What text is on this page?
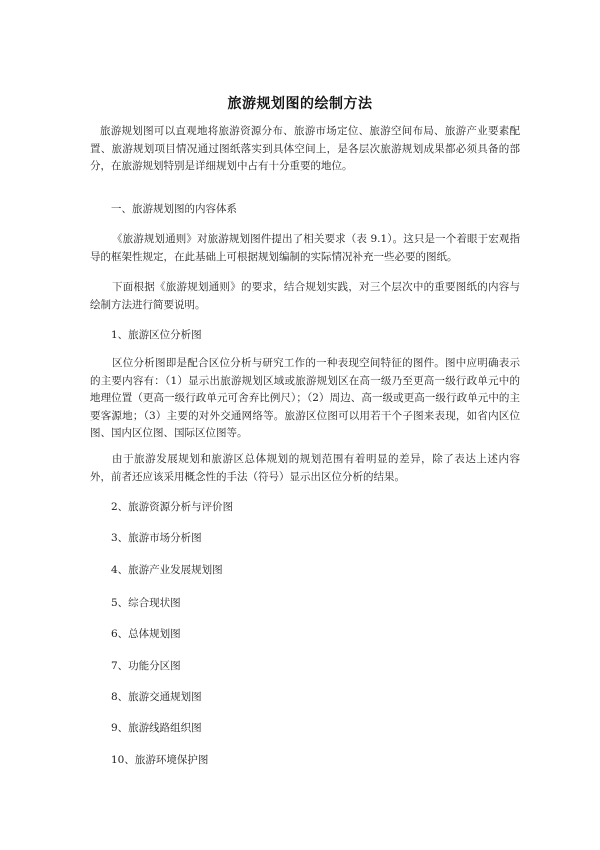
旅游规划图的绘制方法

旅游规划图可以直观地将旅游资源分布、旅游市场定位、旅游空间布局、旅游产业要素配置、旅游规划项目情况通过图纸落实到具体空间上，是各层次旅游规划成果都必须具备的部分，在旅游规划特别是详细规划中占有十分重要的地位。

一、旅游规划图的内容体系

《旅游规划通则》对旅游规划图件提出了相关要求（表 9.1）。这只是一个着眼于宏观指导的框架性规定，在此基础上可根据规划编制的实际情况补充一些必要的图纸。

下面根据《旅游规划通则》的要求，结合规划实践，对三个层次中的重要图纸的内容与绘制方法进行简要说明。

1、旅游区位分析图

区位分析图即是配合区位分析与研究工作的一种表现空间特征的图件。图中应明确表示的主要内容有：（1）显示出旅游规划区域或旅游规划区在高一级乃至更高一级行政单元中的地理位置（更高一级行政单元可舍弃比例尺）；（2）周边、高一级或更高一级行政单元中的主要客源地；（3）主要的对外交通网络等。旅游区位图可以用若干个子图来表现，如省内区位图、国内区位图、国际区位图等。

由于旅游发展规划和旅游区总体规划的规划范围有着明显的差异，除了表达上述内容外，前者还应该采用概念性的手法（符号）显示出区位分析的结果。

2、旅游资源分析与评价图
3、旅游市场分析图
4、旅游产业发展规划图
5、综合现状图
6、总体规划图
7、功能分区图
8、旅游交通规划图
9、旅游线路组织图
10、旅游环境保护图
